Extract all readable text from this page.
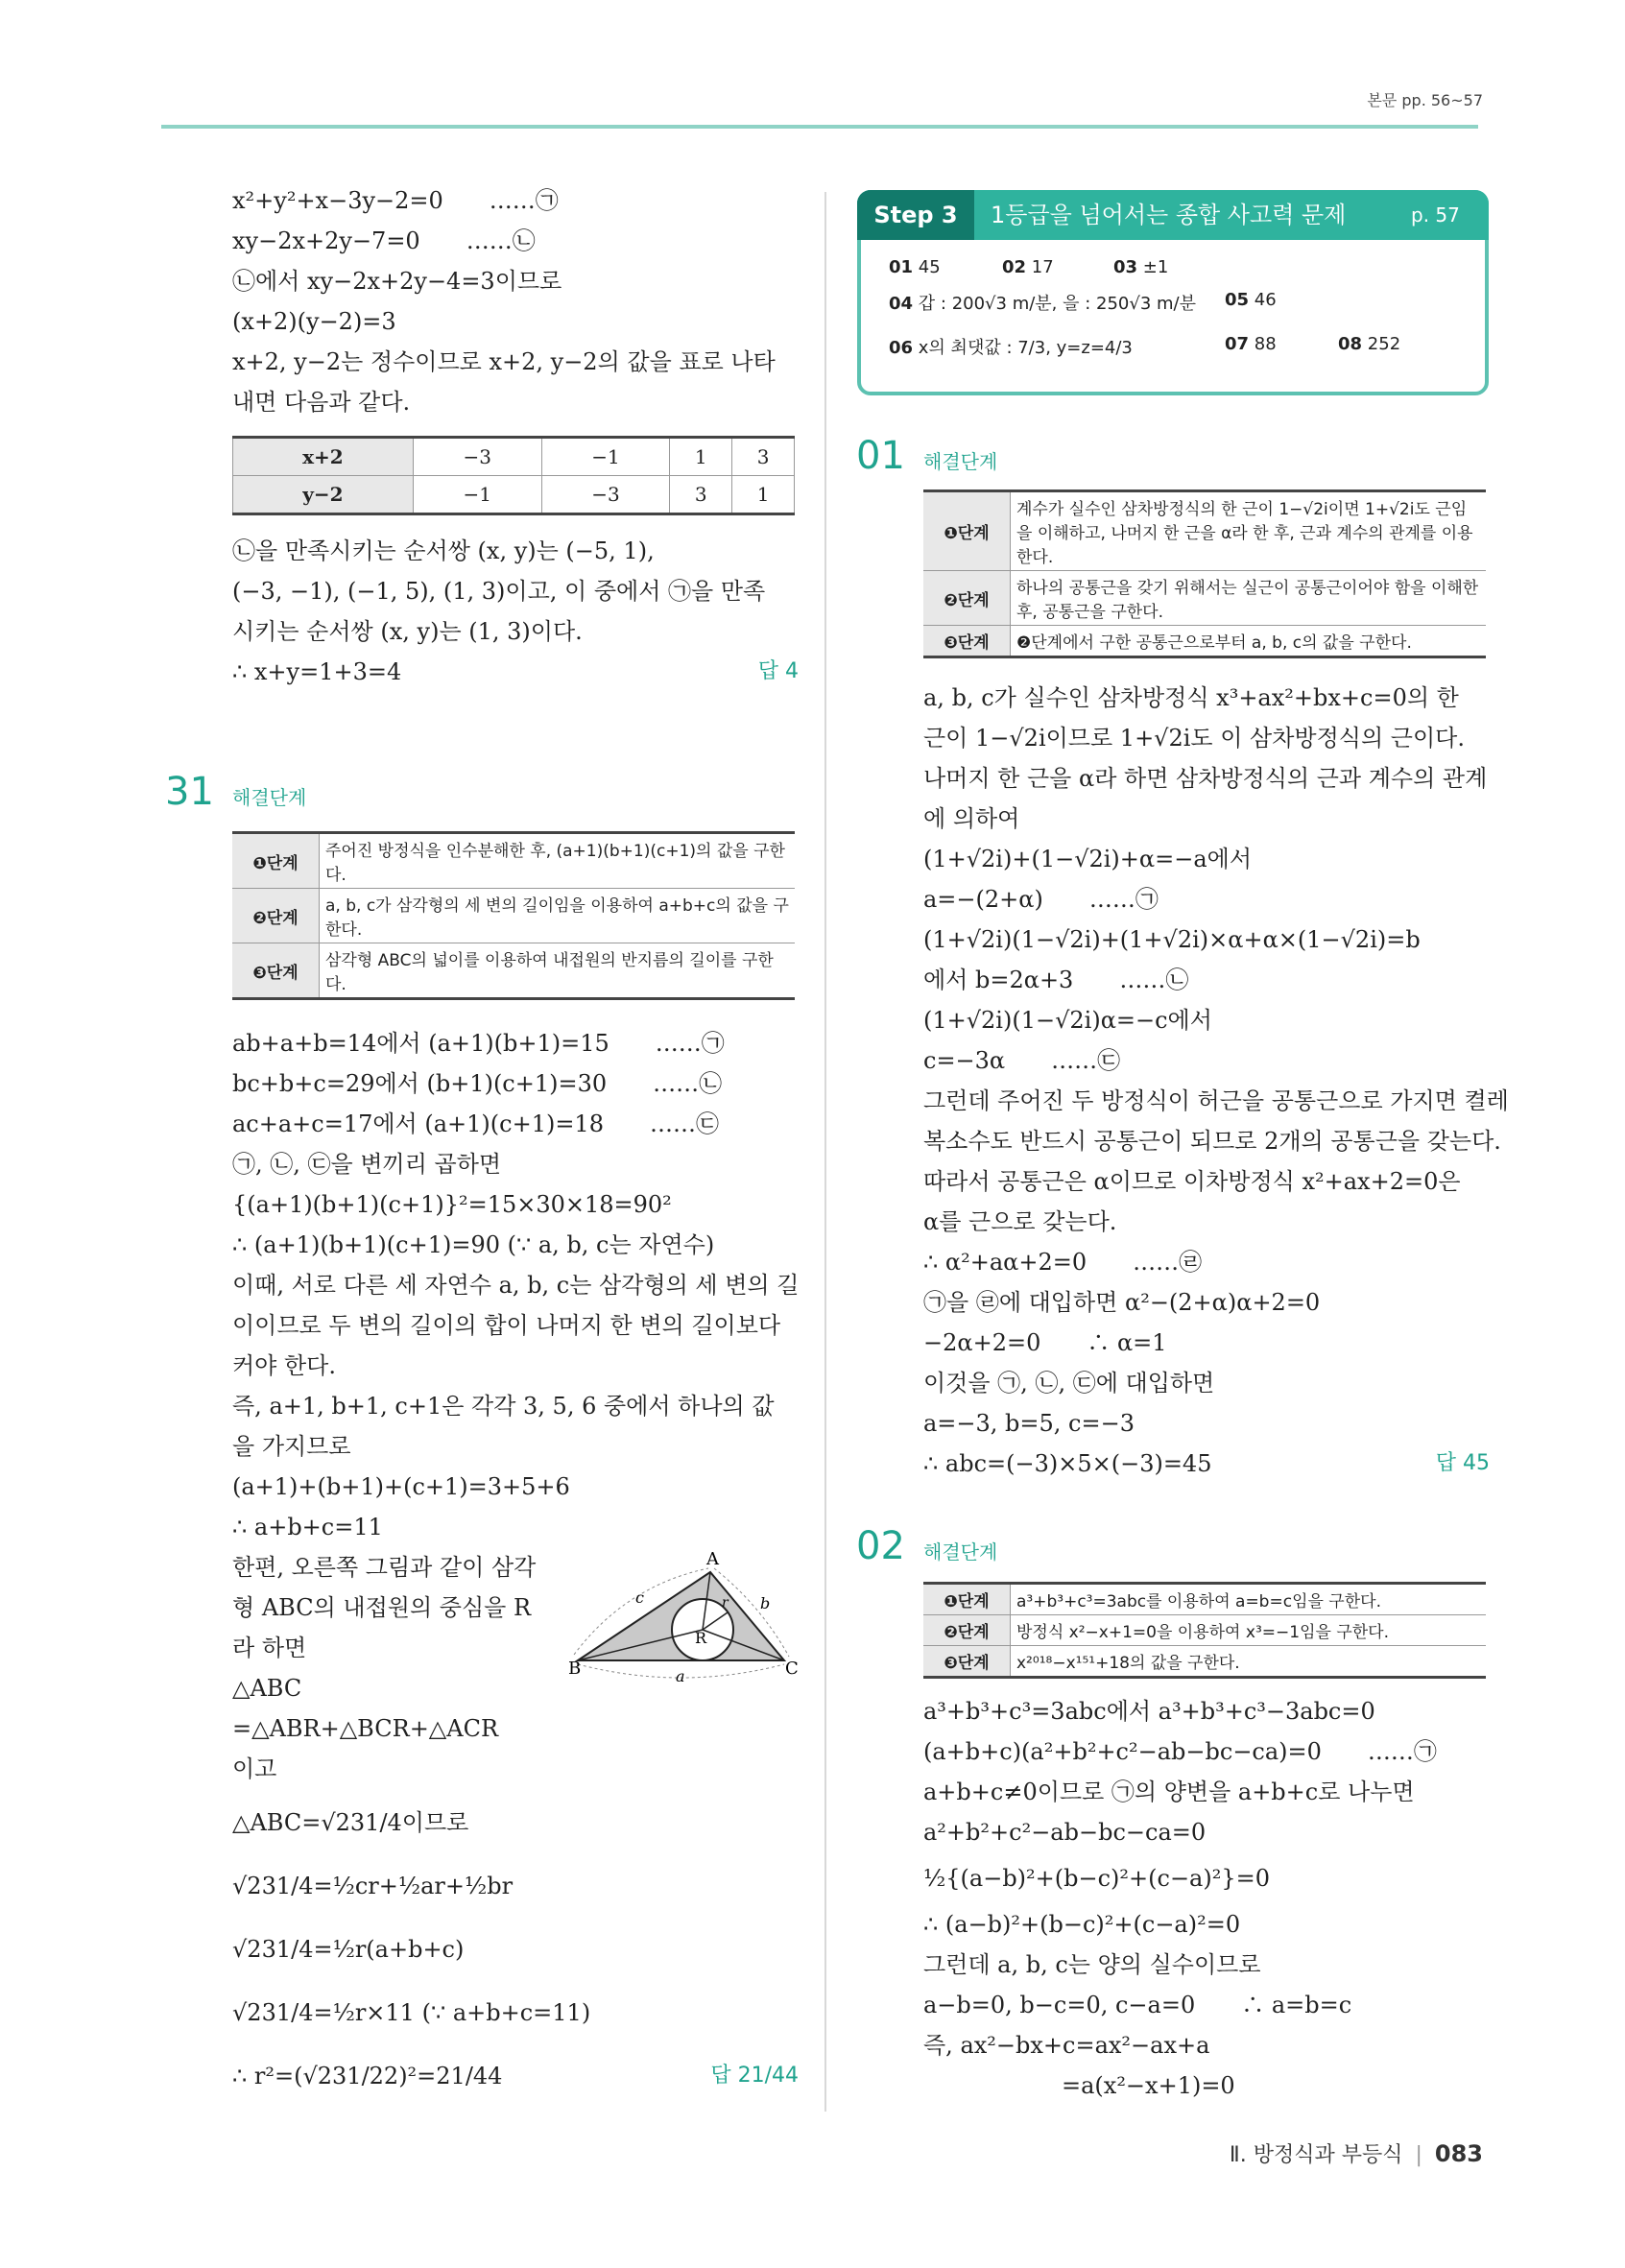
본문 pp. 56~57
x²+y²+x−3y−2=0　　……㉠
xy−2x+2y−7=0　　……㉡
㉡에서 xy−2x+2y−4=3이므로
(x+2)(y−2)=3
x+2, y−2는 정수이므로 x+2, y−2의 값을 표로 나타
내면 다음과 같다.
x+2	−3	−1	1	3
y−2	−1	−3	3	1
㉡을 만족시키는 순서쌍 (x, y)는 (−5, 1),
(−3, −1), (−1, 5), (1, 3)이고, 이 중에서 ㉠을 만족
시키는 순서쌍 (x, y)는 (1, 3)이다.
∴ x+y=1+3=4	답 4
31 해결단계
❶단계	주어진 방정식을 인수분해한 후, (a+1)(b+1)(c+1)의 값을 구한다.
❷단계	a, b, c가 삼각형의 세 변의 길이임을 이용하여 a+b+c의 값을 구한다.
❸단계	삼각형 ABC의 넓이를 이용하여 내접원의 반지름의 길이를 구한다.
ab+a+b=14에서 (a+1)(b+1)=15　　……㉠
bc+b+c=29에서 (b+1)(c+1)=30　　……㉡
ac+a+c=17에서 (a+1)(c+1)=18　　……㉢
㉠, ㉡, ㉢을 변끼리 곱하면
{(a+1)(b+1)(c+1)}²=15×30×18=90²
∴ (a+1)(b+1)(c+1)=90 (∵ a, b, c는 자연수)
이때, 서로 다른 세 자연수 a, b, c는 삼각형의 세 변의 길
이이므로 두 변의 길이의 합이 나머지 한 변의 길이보다
커야 한다.
즉, a+1, b+1, c+1은 각각 3, 5, 6 중에서 하나의 값
을 가지므로
(a+1)+(b+1)+(c+1)=3+5+6
∴ a+b+c=11
한편, 오른쪽 그림과 같이 삼각
형 ABC의 내접원의 중심을 R
라 하면
△ABC
=△ABR+△BCR+△ACR
이고
△ABC=√231/4이므로
√231/4=½cr+½ar+½br
√231/4=½r(a+b+c)
√231/4=½r×11 (∵ a+b+c=11)
∴ r²=(√231/22)²=21/44	답 21/44
A
B	C
R
a
b
c	r
Step 3	1등급을 넘어서는 종합 사고력 문제	p. 57
01 45	02 17	03 ±1
04 갑 : 200√3 m/분, 을 : 250√3 m/분 05 46
06 x의 최댓값 : 7/3, y=z=4/3	07 88	08 252
01 해결단계
❶단계	계수가 실수인 삼차방정식의 한 근이 1−√2i이면 1+√2i도 근임을 이해하고, 나머지 한 근을 α라 한 후, 근과 계수의 관계를 이용한다.
❷단계	하나의 공통근을 갖기 위해서는 실근이 공통근이어야 함을 이해한 후, 공통근을 구한다.
❸단계	❷단계에서 구한 공통근으로부터 a, b, c의 값을 구한다.
a, b, c가 실수인 삼차방정식 x³+ax²+bx+c=0의 한
근이 1−√2i이므로 1+√2i도 이 삼차방정식의 근이다.
나머지 한 근을 α라 하면 삼차방정식의 근과 계수의 관계
에 의하여
(1+√2i)+(1−√2i)+α=−a에서
a=−(2+α)　　……㉠
(1+√2i)(1−√2i)+(1+√2i)×α+α×(1−√2i)=b
에서 b=2α+3　　……㉡
(1+√2i)(1−√2i)α=−c에서
c=−3α　　……㉢
그런데 주어진 두 방정식이 허근을 공통근으로 가지면 켤레
복소수도 반드시 공통근이 되므로 2개의 공통근을 갖는다.
따라서 공통근은 α이므로 이차방정식 x²+ax+2=0은
α를 근으로 갖는다.
∴ α²+aα+2=0　　……㉣
㉠을 ㉣에 대입하면 α²−(2+α)α+2=0
−2α+2=0　　∴ α=1
이것을 ㉠, ㉡, ㉢에 대입하면
a=−3, b=5, c=−3
∴ abc=(−3)×5×(−3)=45	답 45
02 해결단계
❶단계	a³+b³+c³=3abc를 이용하여 a=b=c임을 구한다.
❷단계	방정식 x²−x+1=0을 이용하여 x³=−1임을 구한다.
❸단계	x²⁰¹⁸−x¹⁵¹+18의 값을 구한다.
a³+b³+c³=3abc에서 a³+b³+c³−3abc=0
(a+b+c)(a²+b²+c²−ab−bc−ca)=0　　……㉠
a+b+c≠0이므로 ㉠의 양변을 a+b+c로 나누면
a²+b²+c²−ab−bc−ca=0
½{(a−b)²+(b−c)²+(c−a)²}=0
∴ (a−b)²+(b−c)²+(c−a)²=0
그런데 a, b, c는 양의 실수이므로
a−b=0, b−c=0, c−a=0　　∴ a=b=c
즉, ax²−bx+c=ax²−ax+a
　　　　　　=a(x²−x+1)=0
Ⅱ. 방정식과 부등식 | 083
